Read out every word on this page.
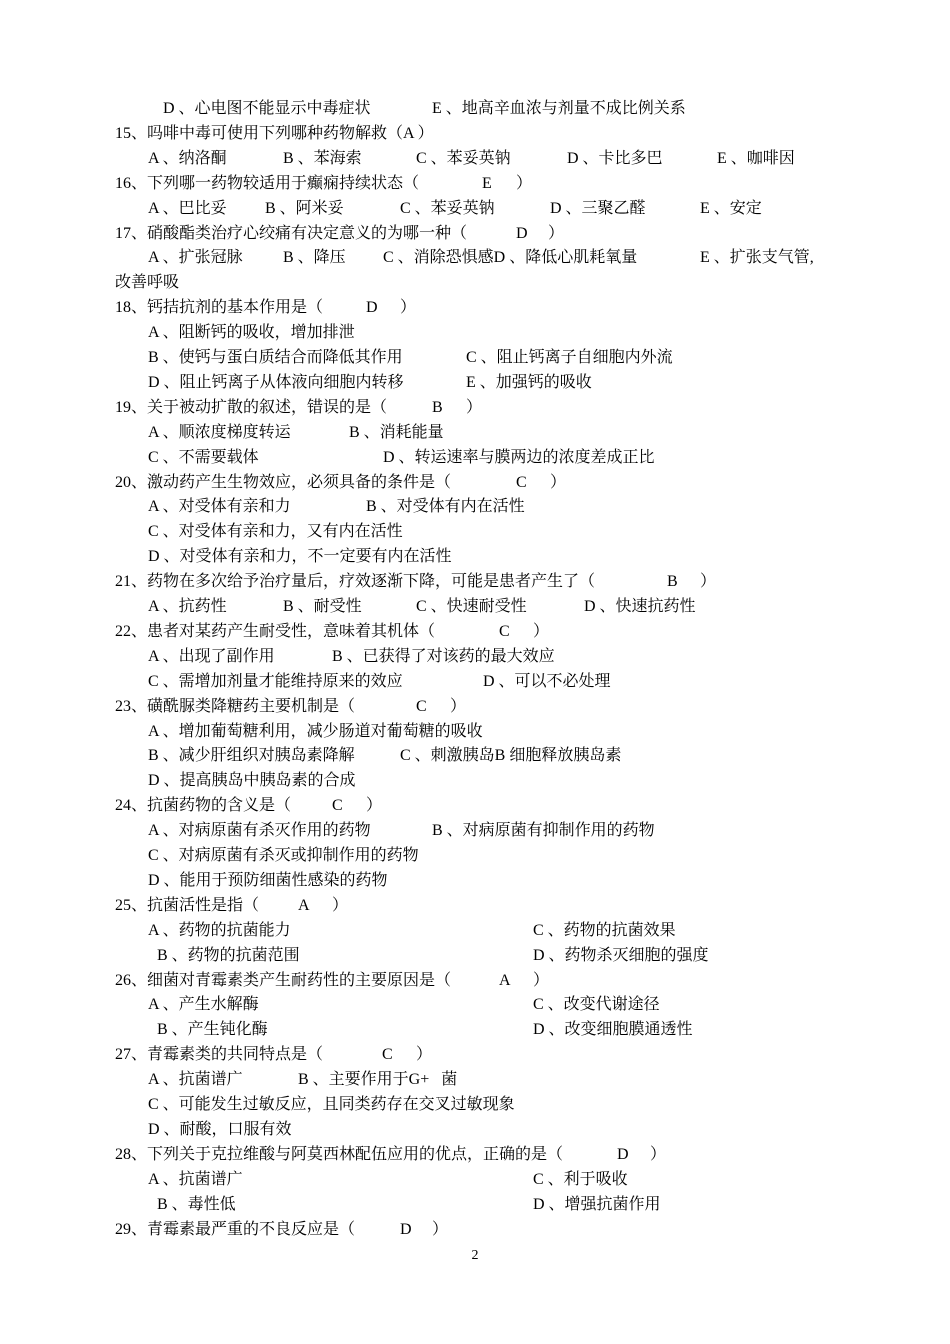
D 、心电图不能显示中毒症状	E 、地高辛血浓与剂量不成比例关系
15、吗啡中毒可使用下列哪种药物解救（A ）
A 、纳洛酮	B 、苯海索	C 、苯妥英钠	D 、卡比多巴	E 、咖啡因
16、下列哪一药物较适用于癫痫持续状态（	E ）
A 、巴比妥 B 、阿米妥	C 、苯妥英钠	D 、三聚乙醛	E 、安定
17、硝酸酯类治疗心绞痛有决定意义的为哪一种（	D ）
A 、扩张冠脉	B 、降压 C 、消除恐惧感D 、降低心肌耗氧量	E 、扩张支气管,
改善呼吸
18、钙拮抗剂的基本作用是（	D ）
A 、阻断钙的吸收，增加排泄
B 、使钙与蛋白质结合而降低其作用	C 、阻止钙离子自细胞内外流
D 、阻止钙离子从体液向细胞内转移	E 、加强钙的吸收
19、关于被动扩散的叙述，错误的是（	B ）
A 、顺浓度梯度转运	B 、消耗能量
C 、不需要载体	D 、转运速率与膜两边的浓度差成正比
20、激动药产生生物效应，必须具备的条件是（	C ）
A 、对受体有亲和力	B 、对受体有内在活性
C 、对受体有亲和力，又有内在活性
D 、对受体有亲和力，不一定要有内在活性
21、药物在多次给予治疗量后，疗效逐渐下降，可能是患者产生了（	B ）
A 、抗药性	B 、耐受性	C 、快速耐受性	D 、快速抗药性
22、患者对某药产生耐受性，意味着其机体（	C ）
A 、出现了副作用	B 、已获得了对该药的最大效应
C 、需增加剂量才能维持原来的效应	D 、可以不必处理
23、磺酰脲类降糖药主要机制是（	C ）
A 、增加葡萄糖利用，减少肠道对葡萄糖的吸收
B 、减少肝组织对胰岛素降解	C 、刺激胰岛B 细胞释放胰岛素
D 、提高胰岛中胰岛素的合成
24、抗菌药物的含义是（	C ）
A 、对病原菌有杀灭作用的药物	B 、对病原菌有抑制作用的药物
C 、对病原菌有杀灭或抑制作用的药物
D 、能用于预防细菌性感染的药物
25、抗菌活性是指（ A ）
A 、药物的抗菌能力	C 、药物的抗菌效果
B 、药物的抗菌范围	D 、药物杀灭细胞的强度
26、细菌对青霉素类产生耐药性的主要原因是（	A ）
A 、产生水解酶	C 、改变代谢途径
B 、产生钝化酶	D 、改变细胞膜通透性
27、青霉素类的共同特点是（	C ）
A 、抗菌谱广	B 、主要作用于G+   菌
C 、可能发生过敏反应，且同类药存在交叉过敏现象
D 、耐酸，口服有效
28、下列关于克拉维酸与阿莫西林配伍应用的优点，正确的是（	D ）
A 、抗菌谱广	C 、利于吸收
B 、毒性低	D 、增强抗菌作用
29、青霉素最严重的不良反应是（	D ）
2
